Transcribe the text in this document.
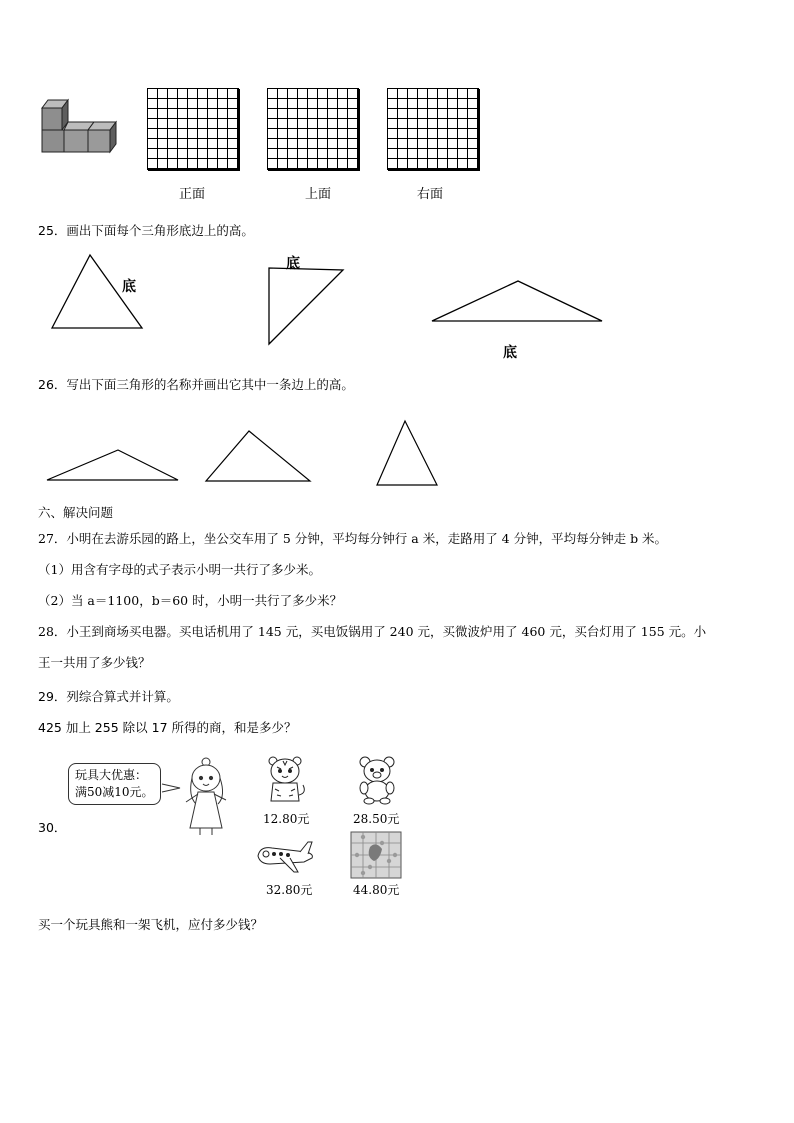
正面	上面	右面
25．画出下面每个三角形底边上的高。
底
底
底
26．写出下面三角形的名称并画出它其中一条边上的高。
六、解决问题
27．小明在去游乐园的路上，坐公交车用了 5 分钟，平均每分钟行 a 米，走路用了 4 分钟，平均每分钟走 b 米。
（1）用含有字母的式子表示小明一共行了多少米。
（2）当 a＝1100，b＝60 时，小明一共行了多少米？
28．小王到商场买电器。买电话机用了 145 元，买电饭锅用了 240 元，买微波炉用了 460 元，买台灯用了 155 元。小
王一共用了多少钱？
29．列综合算式并计算。
425 加上 255 除以 17 所得的商，和是多少？
30．
玩具大优惠：
满50减10元。
12.80元	28.50元
32.80元	44.80元
买一个玩具熊和一架飞机，应付多少钱？
